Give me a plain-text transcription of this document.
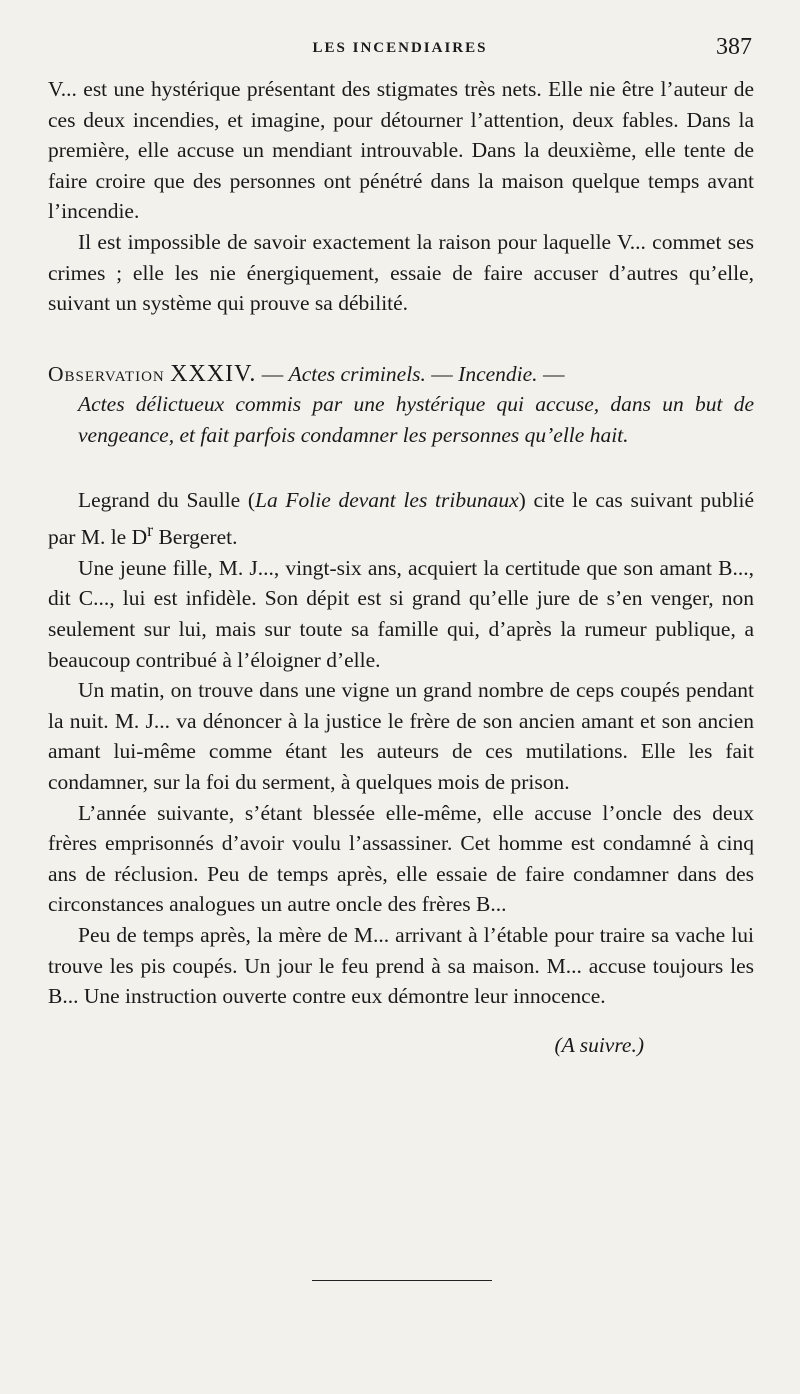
LES INCENDIAIRES	387

V... est une hystérique présentant des stigmates très nets. Elle nie être l’auteur de ces deux incendies, et imagine, pour détourner l’attention, deux fables. Dans la première, elle accuse un mendiant introuvable. Dans la deuxième, elle tente de faire croire que des personnes ont pénétré dans la maison quelque temps avant l’incendie.

Il est impossible de savoir exactement la raison pour laquelle V... commet ses crimes ; elle les nie énergiquement, essaie de faire accuser d’autres qu’elle, suivant un système qui prouve sa débilité.

Observation XXXIV. — Actes criminels. — Incendie. —

Actes délictueux commis par une hystérique qui accuse, dans un but de vengeance, et fait parfois condamner les personnes qu’elle hait.

Legrand du Saulle (La Folie devant les tribunaux) cite le cas suivant publié par M. le $D^r$ Bergeret.

Une jeune fille, M. J..., vingt-six ans, acquiert la certitude que son amant B..., dit C..., lui est infidèle. Son dépit est si grand qu’elle jure de s’en venger, non seulement sur lui, mais sur toute sa famille qui, d’après la rumeur publique, a beaucoup contribué à l’éloigner d’elle.

Un matin, on trouve dans une vigne un grand nombre de ceps coupés pendant la nuit. M. J... va dénoncer à la justice le frère de son ancien amant et son ancien amant lui-même comme étant les auteurs de ces mutilations. Elle les fait condamner, sur la foi du serment, à quelques mois de prison.

L’année suivante, s’étant blessée elle-même, elle accuse l’oncle des deux frères emprisonnés d’avoir voulu l’assassiner. Cet homme est condamné à cinq ans de réclusion. Peu de temps après, elle essaie de faire condamner dans des circonstances analogues un autre oncle des frères B...

Peu de temps après, la mère de M... arrivant à l’étable pour traire sa vache lui trouve les pis coupés. Un jour le feu prend à sa maison. M... accuse toujours les B... Une instruction ouverte contre eux démontre leur innocence.

(A suivre.)
